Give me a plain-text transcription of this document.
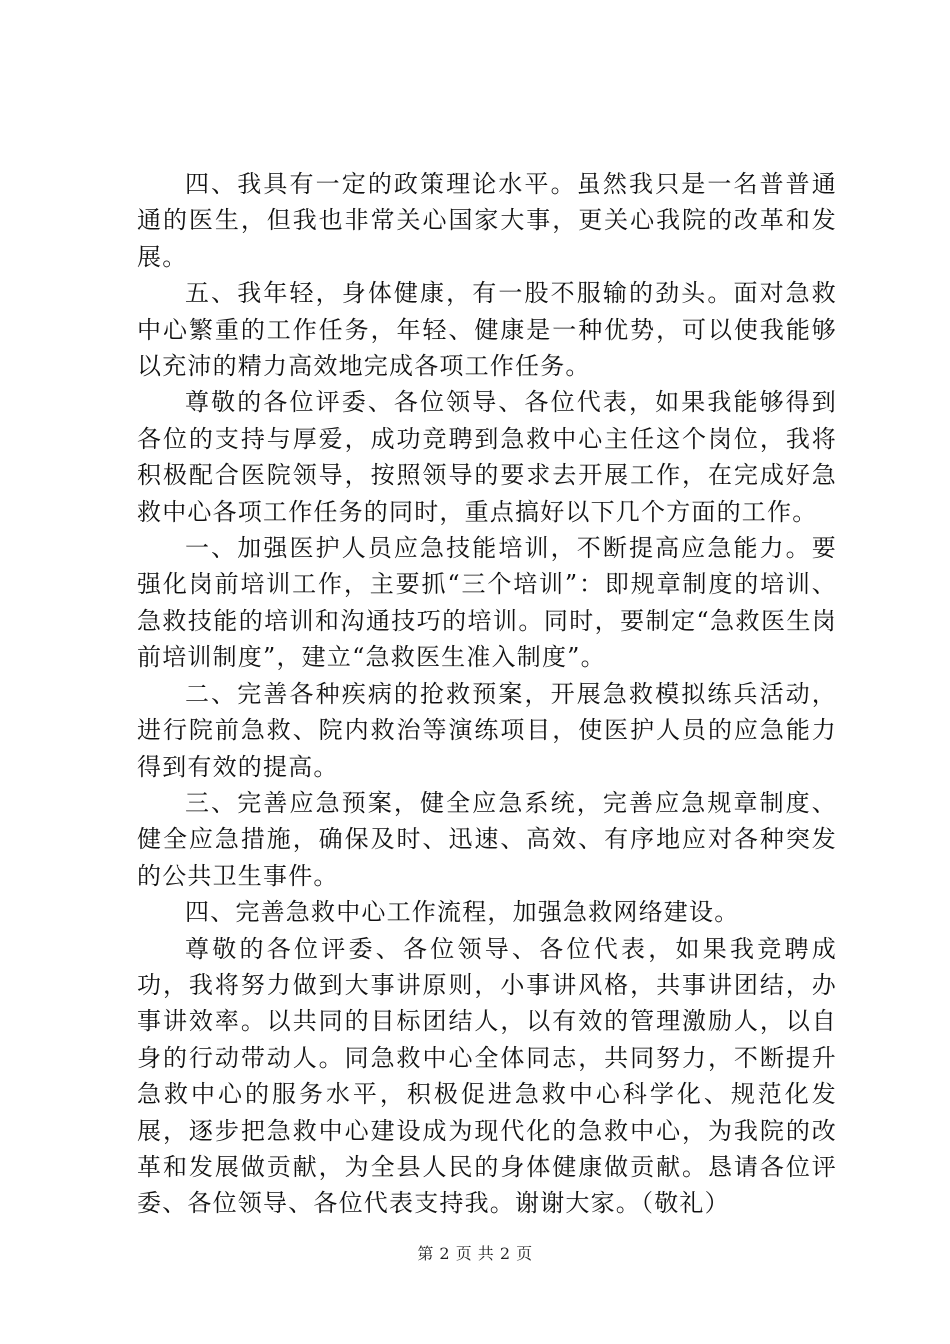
四、我具有一定的政策理论水平。虽然我只是一名普普通通的医生，但我也非常关心国家大事，更关心我院的改革和发展。

五、我年轻，身体健康，有一股不服输的劲头。面对急救中心繁重的工作任务，年轻、健康是一种优势，可以使我能够以充沛的精力高效地完成各项工作任务。

尊敬的各位评委、各位领导、各位代表，如果我能够得到各位的支持与厚爱，成功竞聘到急救中心主任这个岗位，我将积极配合医院领导，按照领导的要求去开展工作，在完成好急救中心各项工作任务的同时，重点搞好以下几个方面的工作。

一、加强医护人员应急技能培训，不断提高应急能力。要强化岗前培训工作，主要抓“三个培训”：即规章制度的培训、急救技能的培训和沟通技巧的培训。同时，要制定“急救医生岗前培训制度”，建立“急救医生准入制度”。

二、完善各种疾病的抢救预案，开展急救模拟练兵活动，进行院前急救、院内救治等演练项目，使医护人员的应急能力得到有效的提高。

三、完善应急预案，健全应急系统，完善应急规章制度、健全应急措施，确保及时、迅速、高效、有序地应对各种突发的公共卫生事件。

四、完善急救中心工作流程，加强急救网络建设。

尊敬的各位评委、各位领导、各位代表，如果我竞聘成功，我将努力做到大事讲原则，小事讲风格，共事讲团结，办事讲效率。以共同的目标团结人，以有效的管理激励人，以自身的行动带动人。同急救中心全体同志，共同努力，不断提升急救中心的服务水平，积极促进急救中心科学化、规范化发展，逐步把急救中心建设成为现代化的急救中心，为我院的改革和发展做贡献，为全县人民的身体健康做贡献。恳请各位评委、各位领导、各位代表支持我。谢谢大家。（敬礼）

第 2 页 共 2 页
